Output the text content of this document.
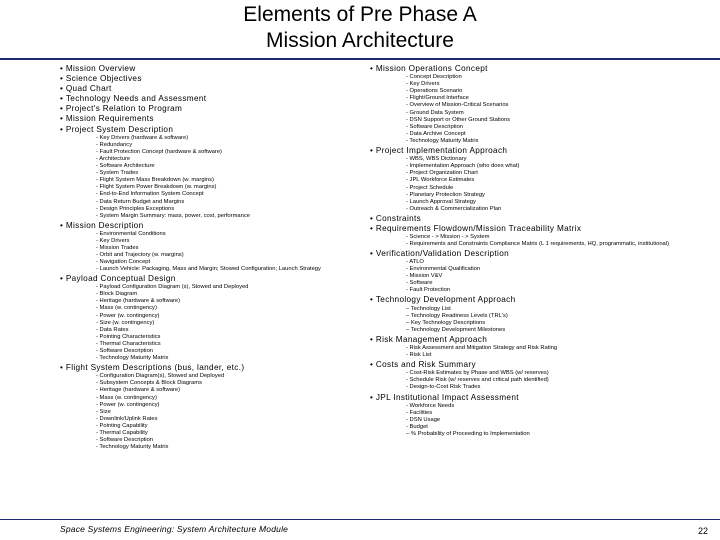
Elements of Pre Phase A
Mission Architecture
• Mission Overview
• Science Objectives
• Quad Chart
• Technology Needs and Assessment
• Project's Relation to Program
• Mission Requirements
• Project System Description
- Key Drivers (hardware & software)
- Redundancy
- Fault Protection Concept (hardware & software)
- Architecture
- Software Architecture
- System Trades
- Flight System Mass Breakdown (w. margins)
- Flight System Power Breakdown (w. margins)
- End-to-End Information System Concept
- Data Return Budget and Margins
- Design Principles Exceptions
- System Margin Summary: mass, power, cost, performance
• Mission Description
- Environmental Conditions
- Key Drivers
- Mission Trades
- Orbit and Trajectory (w. margins)
- Navigation Concept
- Launch Vehicle: Packaging, Mass and Margin; Stowed Configuration; Launch Strategy
• Payload Conceptual Design
- Payload Configuration Diagram (s), Stowed and Deployed
- Block Diagram
- Heritage (hardware & software)
- Mass (w. contingency)
- Power (w. contingency)
- Size (w. contingency)
- Data Rates
- Pointing Characteristics
- Thermal Characteristics
- Software Description
- Technology Maturity Matrix
• Flight System Descriptions (bus, lander, etc.)
- Configuration Diagram(s), Stowed and Deployed
- Subsystem Concepts & Block Diagrams
- Heritage (hardware & software)
- Mass (w. contingency)
- Power (w. contingency)
- Size
- Downlink/Uplink Rates
- Pointing Capability
- Thermal Capability
- Software Description
- Technology Maturity Matrix
• Mission Operations Concept
- Concept Description
- Key Drivers
- Operations Scenario
- Flight/Ground Interface
- Overview of Mission-Critical Scenarios
- Ground Data System
- DSN Support or Other Ground Stations
- Software Description
- Data Archive Concept
- Technology Maturity Matrix
• Project Implementation Approach
- WBS, WBS Dictionary
- Implementation Approach (who does what)
- Project Organization Chart
- JPL Workforce Estimates
- Project Schedule
- Planetary Protection Strategy
- Launch Approval Strategy
- Outreach & Commercialization Plan
• Constraints
• Requirements Flowdown/Mission Traceability Matrix
- Science - > Mission - > System
- Requirements and Constraints Compliance Matrix (L 1 requirements, HQ, programmatic, institutional)
• Verification/Validation Description
- ATLO
- Environmental Qualification
- Mission V&V
- Software
- Fault Protection
• Technology Development Approach
– Technology List
– Technology Readiness Levels (TRL's)
– Key Technology Descriptions
– Technology Development Milestones
• Risk Management Approach
- Risk Assessment and Mitigation Strategy and Risk Rating
- Risk List
• Costs and Risk Summary
- Cost-Risk Estimates by Phase and WBS (w/ reserves)
- Schedule Risk (w/ reserves and critical path identified)
- Design-to-Cost Risk Trades
• JPL Institutional Impact Assessment
- Workforce Needs
- Facilities
- DSN Usage
- Budget
– % Probability of Proceeding to Implementation
Space Systems Engineering: System Architecture Module	22
